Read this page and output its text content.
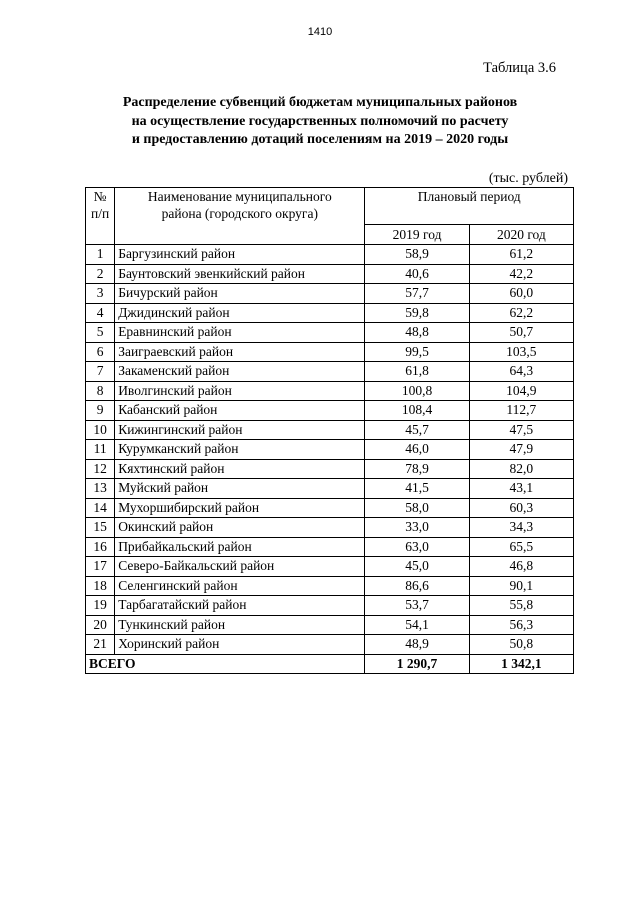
1410
Таблица 3.6
Распределение субвенций бюджетам муниципальных районов
на осуществление государственных полномочий по расчету
и предоставлению дотаций поселениям на 2019 – 2020 годы
(тыс. рублей)
№ п/п	Наименование муниципального района (городского округа)	Плановый период	
		2019 год	2020 год
1	Баргузинский район	58,9	61,2
2	Баунтовский эвенкийский район	40,6	42,2
3	Бичурский район	57,7	60,0
4	Джидинский район	59,8	62,2
5	Еравнинский район	48,8	50,7
6	Заиграевский район	99,5	103,5
7	Закаменский район	61,8	64,3
8	Иволгинский район	100,8	104,9
9	Кабанский район	108,4	112,7
10	Кижингинский район	45,7	47,5
11	Курумканский район	46,0	47,9
12	Кяхтинский район	78,9	82,0
13	Муйский район	41,5	43,1
14	Мухоршибирский район	58,0	60,3
15	Окинский район	33,0	34,3
16	Прибайкальский район	63,0	65,5
17	Северо-Байкальский район	45,0	46,8
18	Селенгинский район	86,6	90,1
19	Тарбагатайский район	53,7	55,8
20	Тункинский район	54,1	56,3
21	Хоринский район	48,9	50,8
ВСЕГО		1 290,7	1 342,1
